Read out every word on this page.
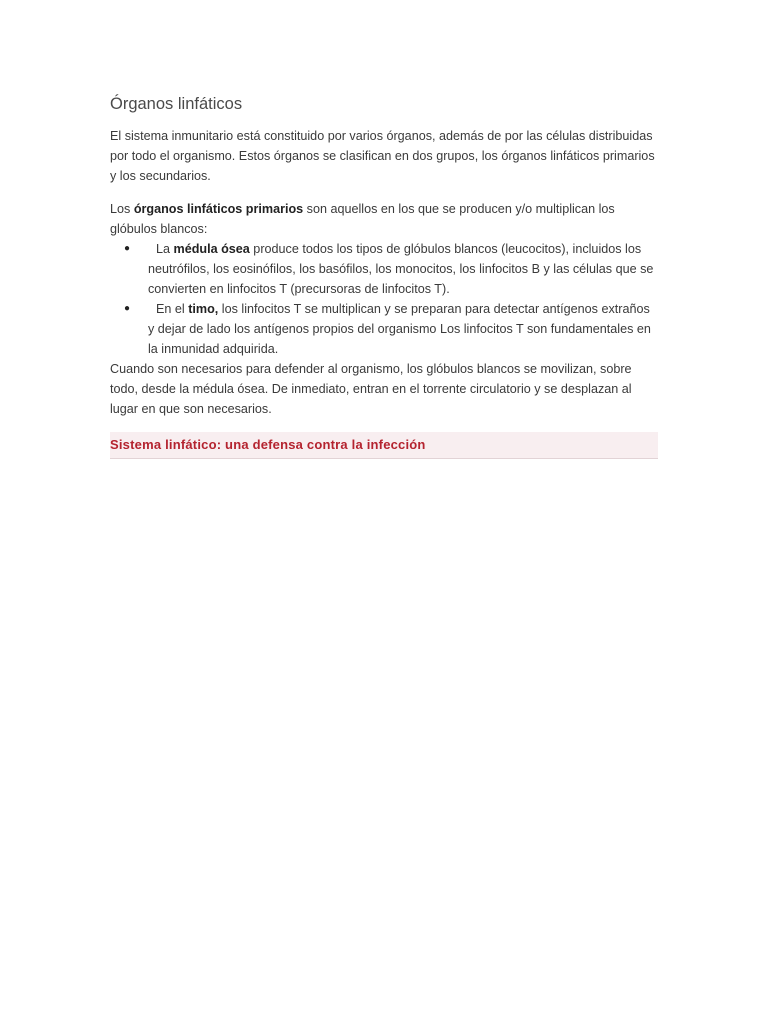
Órganos linfáticos

El sistema inmunitario está constituido por varios órganos, además de por las células distribuidas por todo el organismo. Estos órganos se clasifican en dos grupos, los órganos linfáticos primarios y los secundarios.

Los órganos linfáticos primarios son aquellos en los que se producen y/o multiplican los glóbulos blancos:

● La médula ósea produce todos los tipos de glóbulos blancos (leucocitos), incluidos los neutrófilos, los eosinófilos, los basófilos, los monocitos, los linfocitos B y las células que se convierten en linfocitos T (precursoras de linfocitos T).
● En el timo, los linfocitos T se multiplican y se preparan para detectar antígenos extraños y dejar de lado los antígenos propios del organismo Los linfocitos T son fundamentales en la inmunidad adquirida.

Cuando son necesarios para defender al organismo, los glóbulos blancos se movilizan, sobre todo, desde la médula ósea. De inmediato, entran en el torrente circulatorio y se desplazan al lugar en que son necesarios.

Sistema linfático: una defensa contra la infección
